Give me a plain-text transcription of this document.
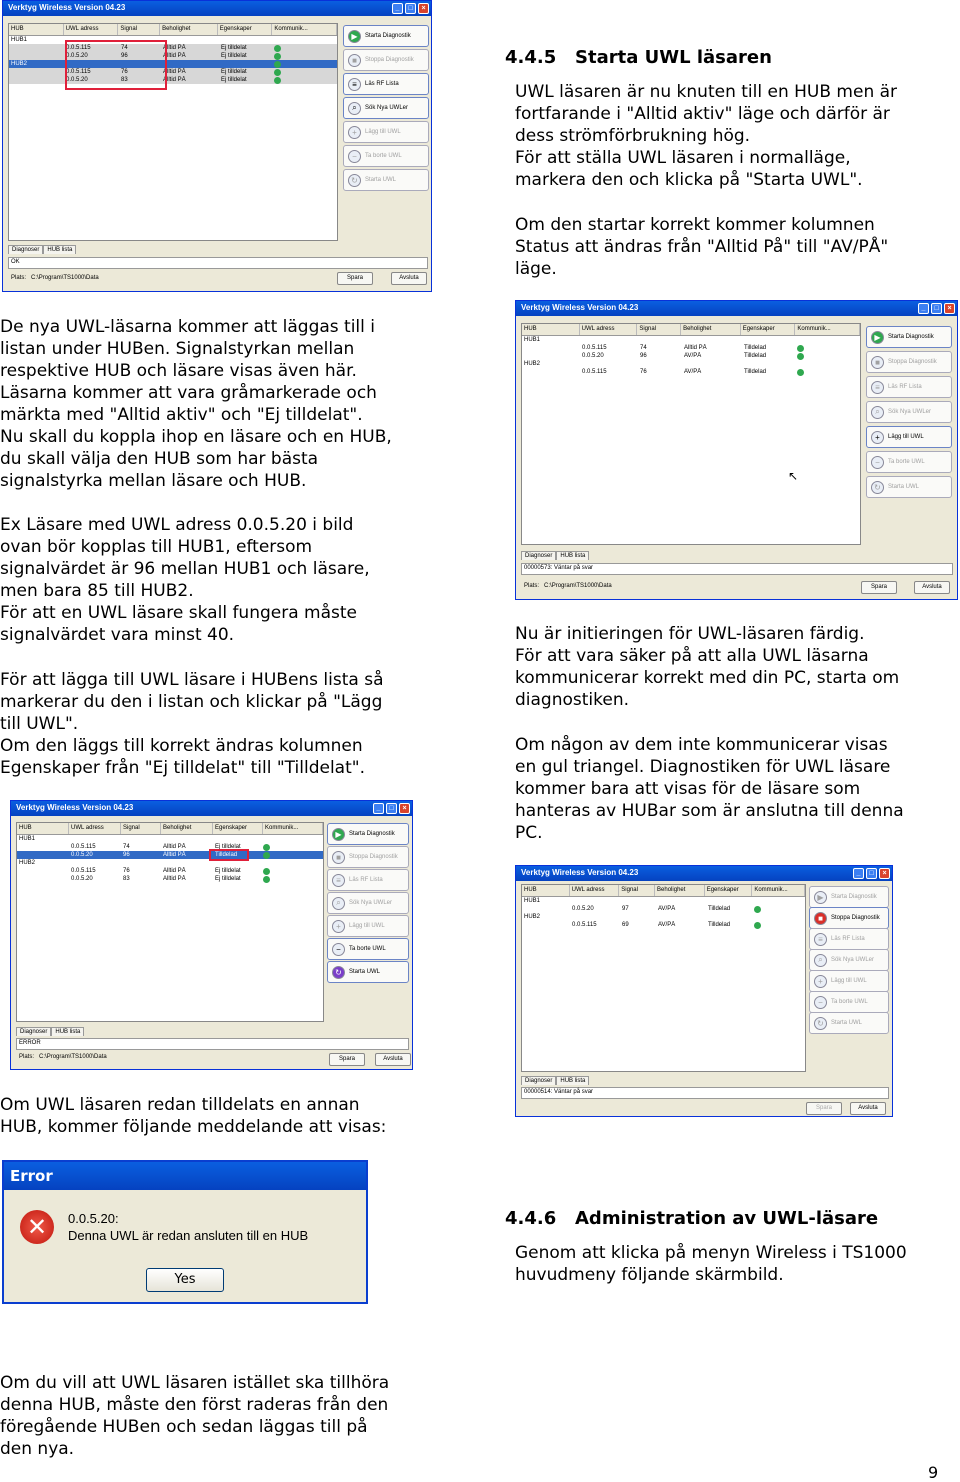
Verktyg Wireless Version 04.23	_	□	×
HUB	UWL adress	Signal	Beholighet	Egenskaper	Kommunik...
HUB1
0.0.5.115	74	Alltid PÅ	Ej tilldelat
0.0.5.20	96	Alltid PÅ	Ej tilldelat
HUB2
0.0.5.115	76	Alltid PÅ	Ej tilldelat
0.0.5.20	83	Alltid PÅ	Ej tilldelat
▶	Starta Diagnostik
■	Stoppa Diagnostik
≡	Läs RF Lista
⌕	Sök Nya UWLer
+	Lägg till UWL
−	Ta borte UWL
↻	Starta UWL
Diagnoser	HUB lista
OK
Plats: C:\Program\TS1000\Data	Spara	Avsluta
4.4.5 Starta UWL läsaren

UWL läsaren är nu knuten till en HUB men är

fortfarande i "Alltid aktiv" läge och därför är

dess strömförbrukning hög.

För att ställa UWL läsaren i normalläge,

markera den och klicka på "Starta UWL".

Om den startar korrekt kommer kolumnen

Status att ändras från "Alltid På" till "AV/PÅ"

läge.

De nya UWL-läsarna kommer att läggas till i

listan under HUBen. Signalstyrkan mellan

respektive HUB och läsare visas även här.

Läsarna kommer att vara gråmarkerade och

märkta med "Alltid aktiv" och "Ej tilldelat".

Nu skall du koppla ihop en läsare och en HUB,

du skall välja den HUB som har bästa

signalstyrka mellan läsare och HUB.

Ex Läsare med UWL adress 0.0.5.20 i bild

ovan bör kopplas till HUB1, eftersom

signalvärdet är 96 mellan HUB1 och läsare,

men bara 85 till HUB2.

För att en UWL läsare skall fungera måste

signalvärdet vara minst 40.

För att lägga till UWL läsare i HUBens lista så

markerar du den i listan och klickar på "Lägg

till UWL".

Om den läggs till korrekt ändras kolumnen

Egenskaper från "Ej tilldelat" till "Tilldelat".

Verktyg Wireless Version 04.23	_	□	×
HUB	UWL adress	Signal	Beholighet	Egenskaper	Kommunik...
HUB1
0.0.5.115	74	Alltid PÅ	Tilldelad
0.0.5.20	96	AV/PÅ	Tilldelad
HUB2
0.0.5.115	76	AV/PÅ	Tilldelad
▶	Starta Diagnostik
■	Stoppa Diagnostik
≡	Läs RF Lista
⌕	Sök Nya UWLer
+	Lägg till UWL
−	Ta borte UWL
↻	Starta UWL
↖
Diagnoser	HUB lista
00000573: Väntar på svar
Plats: C:\Program\TS1000\Data	Spara	Avsluta

Nu är initieringen för UWL-läsaren färdig.

För att vara säker på att alla UWL läsarna

kommunicerar korrekt med din PC, starta om

diagnostiken.

Om någon av dem inte kommunicerar visas

en gul triangel. Diagnostiken för UWL läsare

kommer bara att visas för de läsare som

hanteras av HUBar som är anslutna till denna

PC.

Verktyg Wireless Version 04.23	_	□	×
HUB	UWL adress	Signal	Beholighet	Egenskaper	Kommunik...
HUB1
0.0.5.115	74	Alltid PÅ	Ej tilldelat
0.0.5.20	96	Alltid PÅ	Tilldelad
HUB2
0.0.5.115	76	Alltid PÅ	Ej tilldelat
0.0.5.20	83	Alltid PÅ	Ej tilldelat
▶	Starta Diagnostik
■	Stoppa Diagnostik
≡	Läs RF Lista
⌕	Sök Nya UWLer
+	Lägg till UWL
−	Ta borte UWL
↻	Starta UWL
Diagnoser	HUB lista
ERROR
Plats: C:\Program\TS1000\Data	Spara	Avsluta
Verktyg Wireless Version 04.23	_	□	×
HUB	UWL adress	Signal	Beholighet	Egenskaper	Kommunik...
HUB1
0.0.5.20	97	AV/PÅ	Tilldelad
HUB2
0.0.5.115	69	AV/PÅ	Tilldelad
▶	Starta Diagnostik
■	Stoppa Diagnostik
≡	Läs RF Lista
⌕	Sök Nya UWLer
+	Lägg till UWL
−	Ta borte UWL
↻	Starta UWL
Diagnoser	HUB lista
00000514: Väntar på svar
Spara	Avsluta

Om UWL läsaren redan tilldelats en annan

HUB, kommer följande meddelande att visas:

Error
✕	0.0.5.20:

Denna UWL är redan ansluten till en HUB

Yes
4.4.6 Administration av UWL-läsare

Genom att klicka på menyn Wireless i TS1000

huvudmeny följande skärmbild.

Om du vill att UWL läsaren istället ska tillhöra

denna HUB, måste den först raderas från den

föregående HUBen och sedan läggas till på

den nya.

9
